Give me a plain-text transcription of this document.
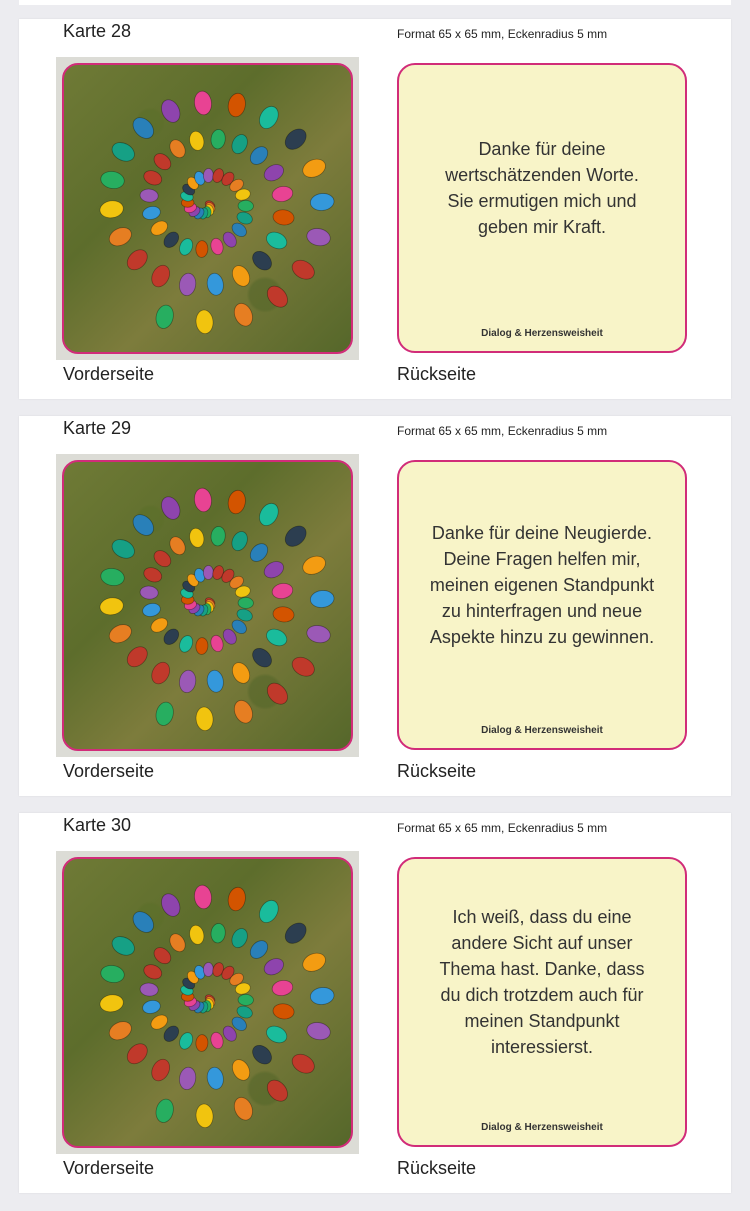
Karte 28	Format 65 x 65 mm, Eckenradius 5 mm
Danke für deine
wertschätzenden Worte.
Sie ermutigen mich und
geben mir Kraft.
Dialog & Herzensweisheit
Vorderseite	Rückseite
Karte 29	Format 65 x 65 mm, Eckenradius 5 mm
Danke für deine Neugierde.
Deine Fragen helfen mir,
meinen eigenen Standpunkt
zu hinterfragen und neue
Aspekte hinzu zu gewinnen.
Dialog & Herzensweisheit
Vorderseite	Rückseite
Karte 30	Format 65 x 65 mm, Eckenradius 5 mm
Ich weiß, dass du eine
andere Sicht auf unser
Thema hast. Danke, dass
du dich trotzdem auch für
meinen Standpunkt
interessierst.
Dialog & Herzensweisheit
Vorderseite	Rückseite
